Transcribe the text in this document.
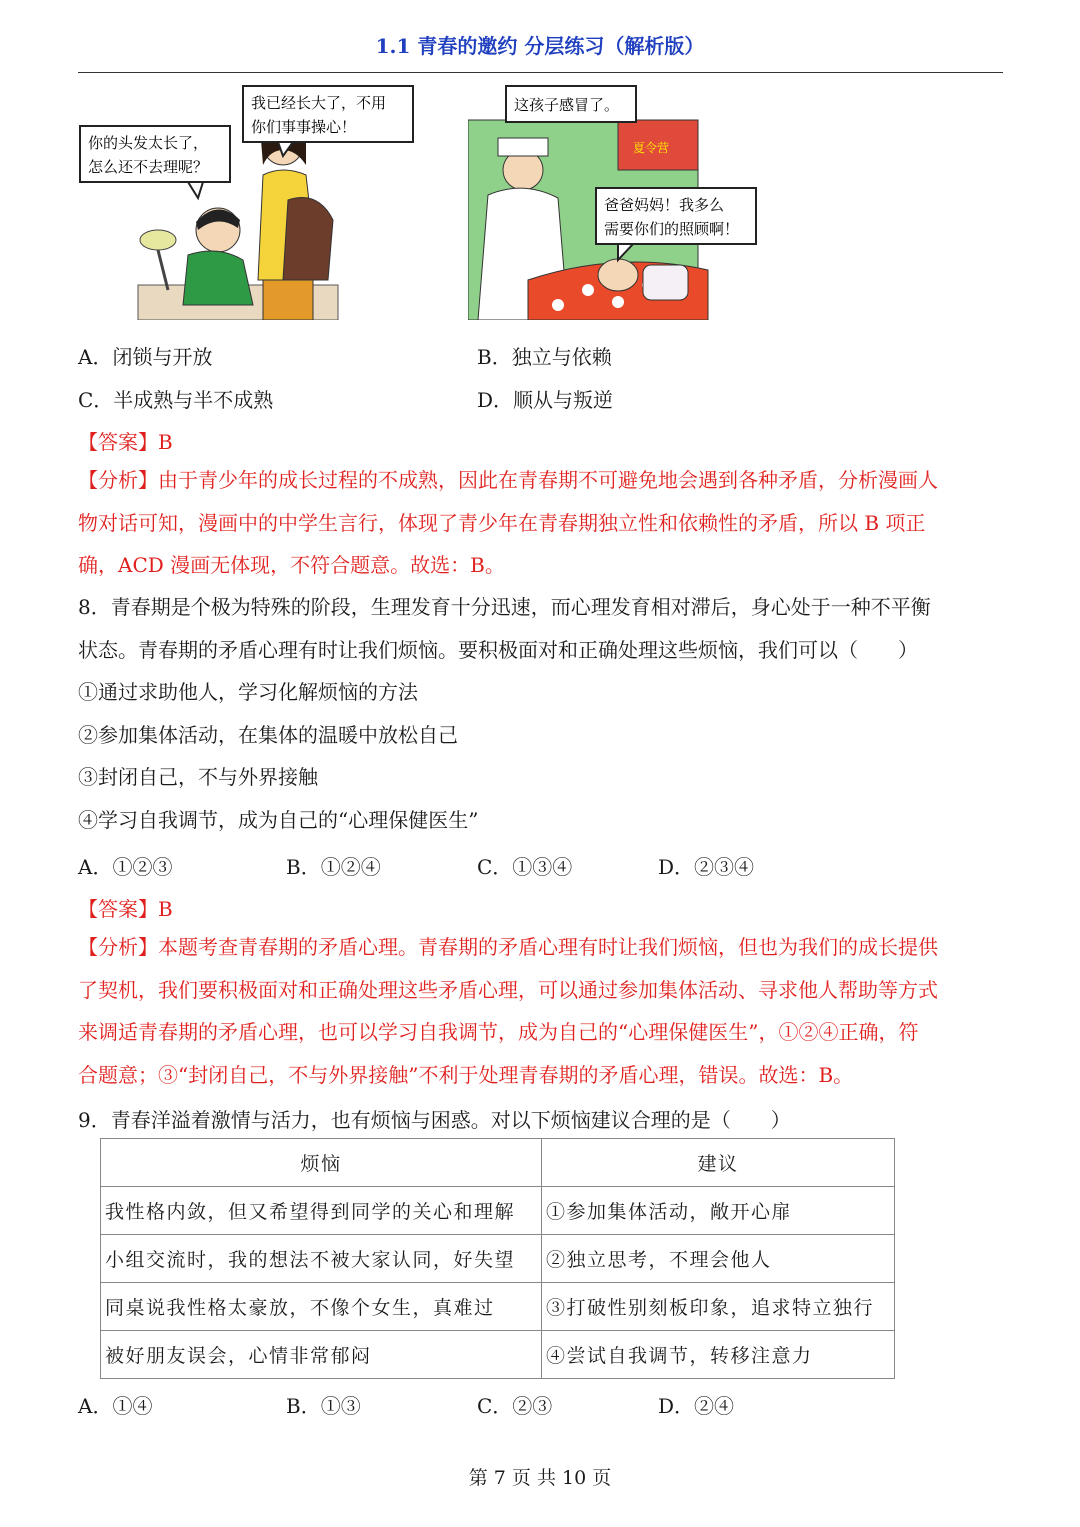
1.1 青春的邀约 分层练习（解析版）
你的头发太长了，
怎么还不去理呢？
我已经长大了，不用
你们事事操心！
夏令营
这孩子感冒了。
爸爸妈妈！我多么
需要你们的照顾啊！
A．闭锁与开放	B．独立与依赖
C．半成熟与半不成熟	D．顺从与叛逆
【答案】B
【分析】由于青少年的成长过程的不成熟，因此在青春期不可避免地会遇到各种矛盾，分析漫画人
物对话可知，漫画中的中学生言行，体现了青少年在青春期独立性和依赖性的矛盾，所以 B 项正
确，ACD 漫画无体现，不符合题意。故选：B。
8．青春期是个极为特殊的阶段，生理发育十分迅速，而心理发育相对滞后，身心处于一种不平衡
状态。青春期的矛盾心理有时让我们烦恼。要积极面对和正确处理这些烦恼，我们可以（　　）
①通过求助他人，学习化解烦恼的方法
②参加集体活动，在集体的温暖中放松自己
③封闭自己，不与外界接触
④学习自我调节，成为自己的“心理保健医生”
A．①②③	B．①②④	C．①③④	D．②③④
【答案】B
【分析】本题考查青春期的矛盾心理。青春期的矛盾心理有时让我们烦恼，但也为我们的成长提供
了契机，我们要积极面对和正确处理这些矛盾心理，可以通过参加集体活动、寻求他人帮助等方式
来调适青春期的矛盾心理，也可以学习自我调节，成为自己的“心理保健医生”，①②④正确，符
合题意；③“封闭自己，不与外界接触”不利于处理青春期的矛盾心理，错误。故选：B。
9．青春洋溢着激情与活力，也有烦恼与困惑。对以下烦恼建议合理的是（　　）
烦恼	建议
我性格内敛，但又希望得到同学的关心和理解	①参加集体活动，敞开心扉
小组交流时，我的想法不被大家认同，好失望	②独立思考，不理会他人
同桌说我性格太豪放，不像个女生，真难过	③打破性别刻板印象，追求特立独行
被好朋友误会，心情非常郁闷	④尝试自我调节，转移注意力
A．①④	B．①③	C．②③	D．②④
第 7 页 共 10 页
